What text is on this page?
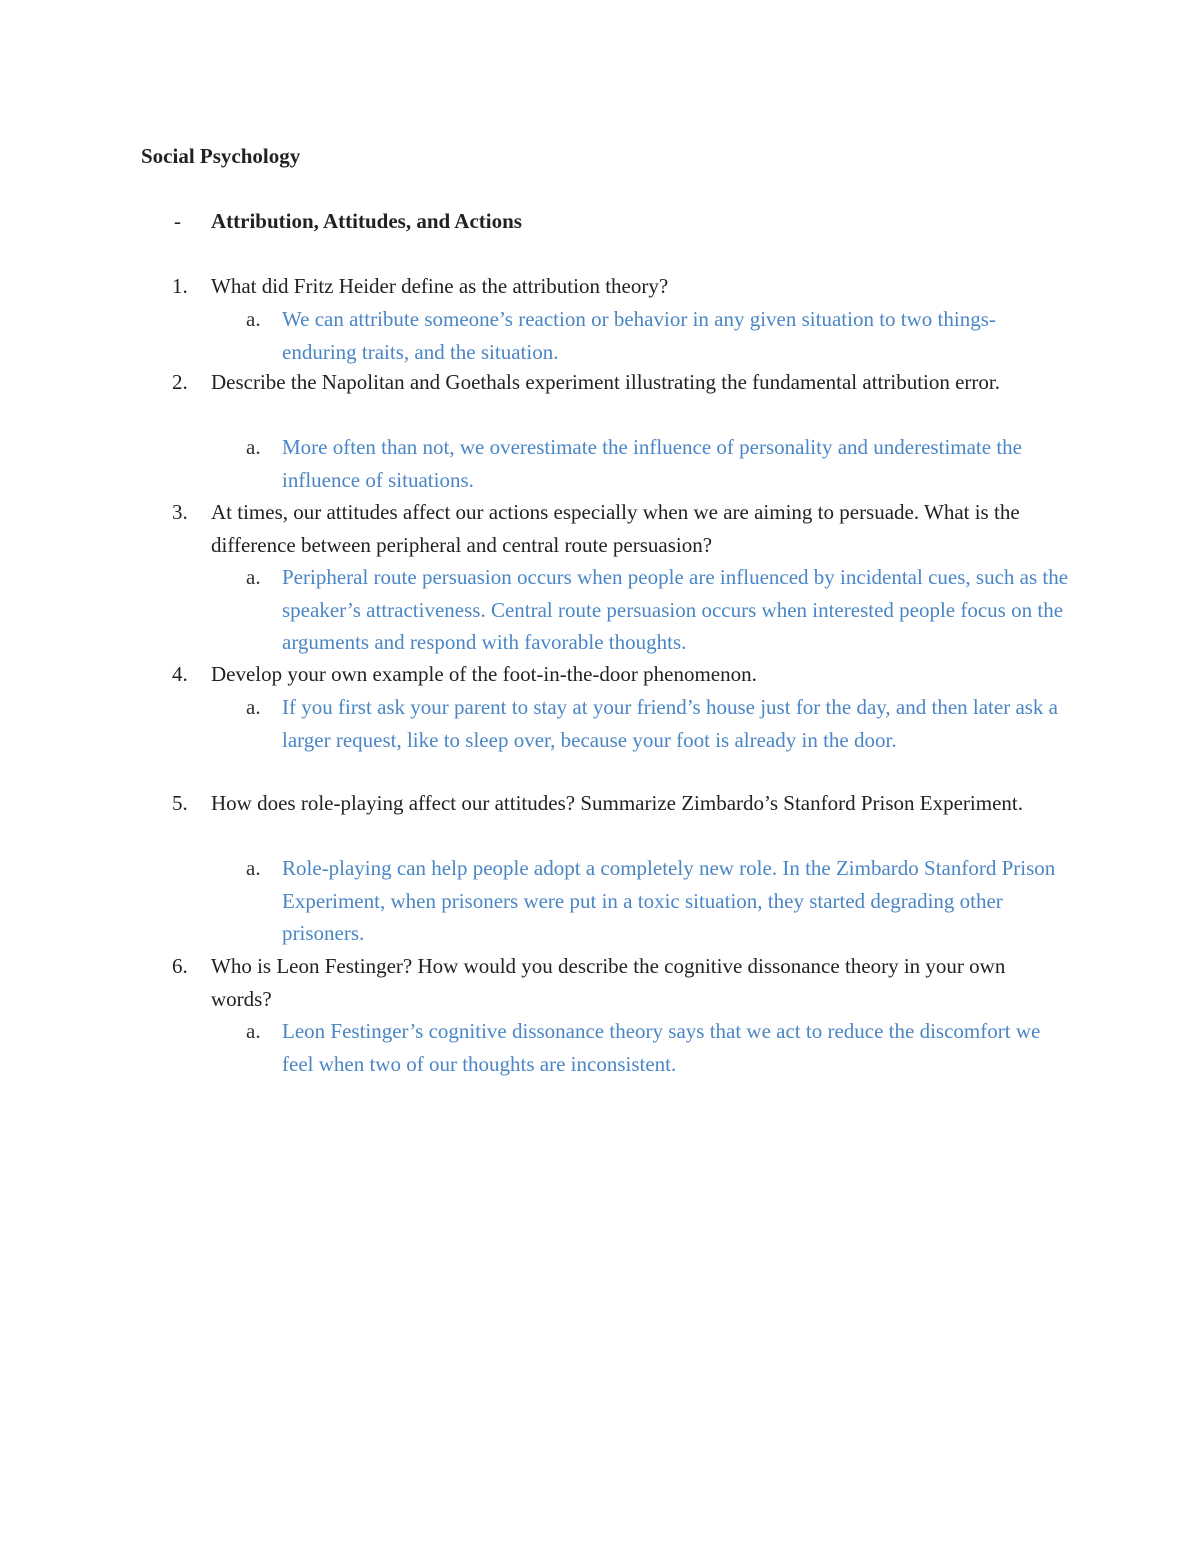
Social Psychology
- Attribution, Attitudes, and Actions
1.	What did Fritz Heider define as the attribution theory?
a.	We can attribute someone’s reaction or behavior in any given situation to two things- enduring traits, and the situation.
2.	Describe the Napolitan and Goethals experiment illustrating the fundamental attribution error.
a.	More often than not, we overestimate the influence of personality and underestimate the influence of situations.
3.	At times, our attitudes affect our actions especially when we are aiming to persuade. What is the difference between peripheral and central route persuasion?
a.	Peripheral route persuasion occurs when people are influenced by incidental cues, such as the speaker’s attractiveness. Central route persuasion occurs when interested people focus on the arguments and respond with favorable thoughts.
4.	Develop your own example of the foot-in-the-door phenomenon.
a.	If you first ask your parent to stay at your friend’s house just for the day, and then later ask a larger request, like to sleep over, because your foot is already in the door.
5.	How does role-playing affect our attitudes? Summarize Zimbardo’s Stanford Prison Experiment.
a.	Role-playing can help people adopt a completely new role. In the Zimbardo Stanford Prison Experiment, when prisoners were put in a toxic situation, they started degrading other prisoners.
6.	Who is Leon Festinger? How would you describe the cognitive dissonance theory in your own words?
a.	Leon Festinger’s cognitive dissonance theory says that we act to reduce the discomfort we feel when two of our thoughts are inconsistent.
